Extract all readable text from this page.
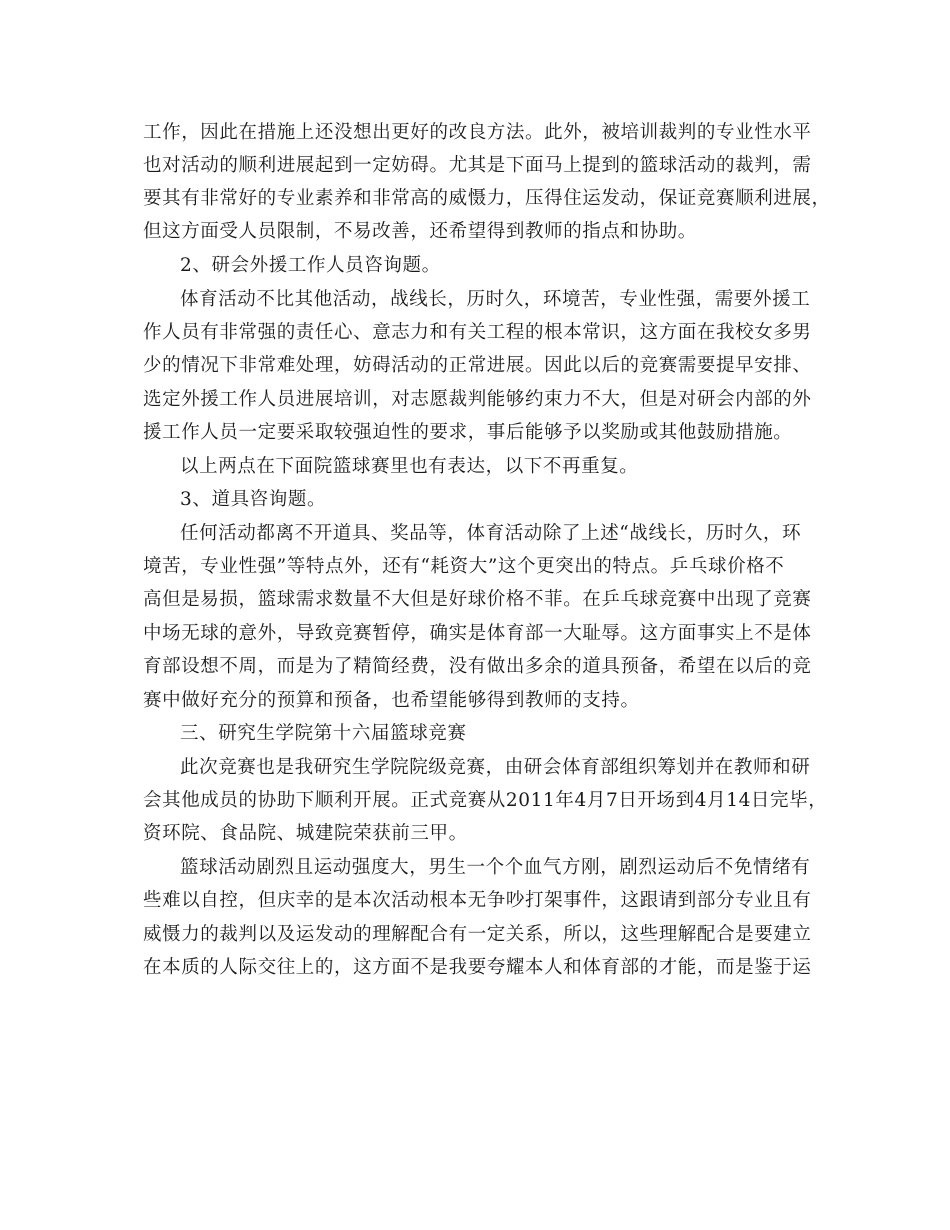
工作，因此在措施上还没想出更好的改良方法。此外，被培训裁判的专业性水平
也对活动的顺利进展起到一定妨碍。尤其是下面马上提到的篮球活动的裁判，需
要其有非常好的专业素养和非常高的威慑力，压得住运发动，保证竞赛顺利进展，
但这方面受人员限制，不易改善，还希望得到教师的指点和协助。
2、研会外援工作人员咨询题。
体育活动不比其他活动，战线长，历时久，环境苦，专业性强，需要外援工
作人员有非常强的责任心、意志力和有关工程的根本常识，这方面在我校女多男
少的情况下非常难处理，妨碍活动的正常进展。因此以后的竞赛需要提早安排、
选定外援工作人员进展培训，对志愿裁判能够约束力不大，但是对研会内部的外
援工作人员一定要采取较强迫性的要求，事后能够予以奖励或其他鼓励措施。
以上两点在下面院篮球赛里也有表达，以下不再重复。
3、道具咨询题。
任何活动都离不开道具、奖品等，体育活动除了上述“战线长，历时久，环
境苦，专业性强”等特点外，还有“耗资大”这个更突出的特点。乒乓球价格不
高但是易损，篮球需求数量不大但是好球价格不菲。在乒乓球竞赛中出现了竞赛
中场无球的意外，导致竞赛暂停，确实是体育部一大耻辱。这方面事实上不是体
育部设想不周，而是为了精简经费，没有做出多余的道具预备，希望在以后的竞
赛中做好充分的预算和预备，也希望能够得到教师的支持。
三、研究生学院第十六届篮球竞赛
此次竞赛也是我研究生学院院级竞赛，由研会体育部组织筹划并在教师和研
会其他成员的协助下顺利开展。正式竞赛从2011年4月7日开场到4月14日完毕，
资环院、食品院、城建院荣获前三甲。
篮球活动剧烈且运动强度大，男生一个个血气方刚，剧烈运动后不免情绪有
些难以自控，但庆幸的是本次活动根本无争吵打架事件，这跟请到部分专业且有
威慑力的裁判以及运发动的理解配合有一定关系，所以，这些理解配合是要建立
在本质的人际交往上的，这方面不是我要夸耀本人和体育部的才能，而是鉴于运
